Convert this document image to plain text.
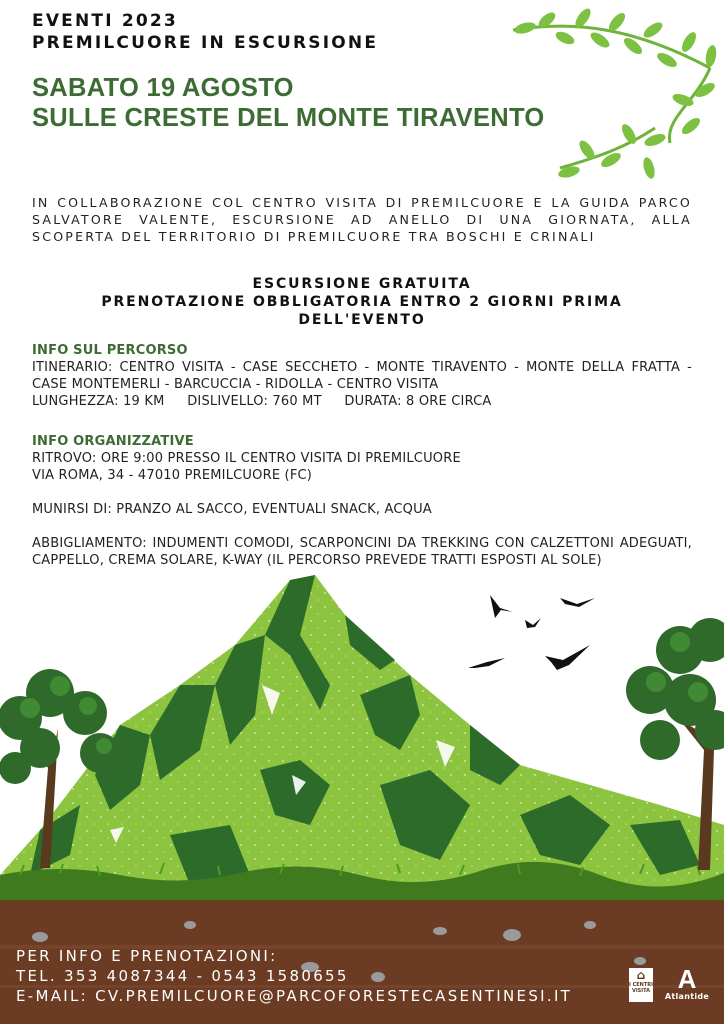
EVENTI 2023
PREMILCUORE IN ESCURSIONE
SABATO 19 AGOSTO
SULLE CRESTE DEL MONTE TIRAVENTO
IN COLLABORAZIONE COL CENTRO VISITA DI PREMILCUORE E LA GUIDA PARCO SALVATORE VALENTE, ESCURSIONE AD ANELLO DI UNA GIORNATA, ALLA SCOPERTA DEL TERRITORIO DI PREMILCUORE TRA BOSCHI E CRINALI
ESCURSIONE GRATUITA
PRENOTAZIONE OBBLIGATORIA ENTRO 2 GIORNI PRIMA
DELL'EVENTO
INFO SUL PERCORSO
ITINERARIO: CENTRO VISITA - CASE SECCHETO - MONTE TIRAVENTO - MONTE DELLA FRATTA - CASE MONTEMERLI - BARCUCCIA - RIDOLLA - CENTRO VISITA
LUNGHEZZA: 19 KM DISLIVELLO: 760 MT DURATA: 8 ORE CIRCA
INFO ORGANIZZATIVE
RITROVO: ORE 9:00 PRESSO IL CENTRO VISITA DI PREMILCUORE
VIA ROMA, 34 - 47010 PREMILCUORE (FC)
MUNIRSI DI: PRANZO AL SACCO, EVENTUALI SNACK, ACQUA
ABBIGLIAMENTO: INDUMENTI COMODI, SCARPONCINI DA TREKKING CON CALZETTONI ADEGUATI, CAPPELLO, CREMA SOLARE, K-WAY (IL PERCORSO PREVEDE TRATTI ESPOSTI AL SOLE)
PER INFO E PRENOTAZIONI:
TEL. 353 4087344 - 0543 1580655
E-MAIL: CV.PREMILCUORE@PARCOFORESTECASENTINESI.IT
⌂
I CENTRI
VISITA	A
Atlantide
